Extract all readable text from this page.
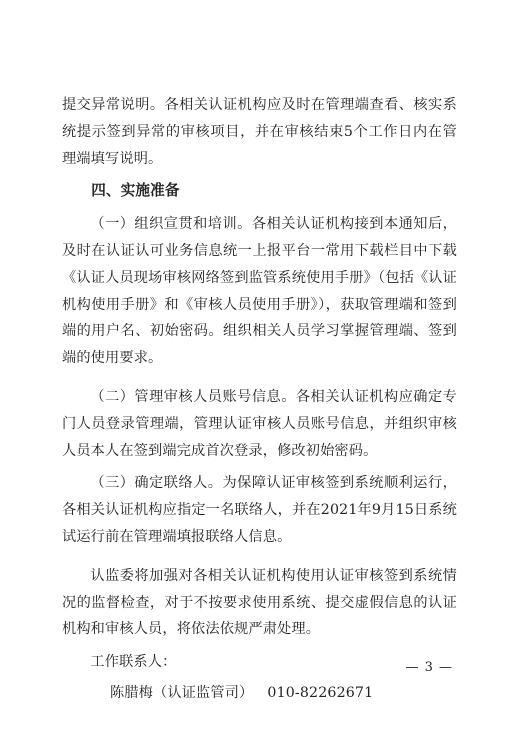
提交异常说明。各相关认证机构应及时在管理端查看、核实系统提示签到异常的审核项目，并在审核结束5个工作日内在管理端填写说明。

四、实施准备

（一）组织宣贯和培训。各相关认证机构接到本通知后，及时在认证认可业务信息统一上报平台一常用下载栏目中下载《认证人员现场审核网络签到监管系统使用手册》（包括《认证机构使用手册》和《审核人员使用手册》），获取管理端和签到端的用户名、初始密码。组织相关人员学习掌握管理端、签到端的使用要求。

（二）管理审核人员账号信息。各相关认证机构应确定专门人员登录管理端，管理认证审核人员账号信息，并组织审核人员本人在签到端完成首次登录，修改初始密码。

（三）确定联络人。为保障认证审核签到系统顺利运行，各相关认证机构应指定一名联络人，并在2021年9月15日系统试运行前在管理端填报联络人信息。

认监委将加强对各相关认证机构使用认证审核签到系统情况的监督检查，对于不按要求使用系统、提交虚假信息的认证机构和审核人员，将依法依规严肃处理。

工作联系人：

陈腊梅（认证监管司） 010-82262671

— 3 —
